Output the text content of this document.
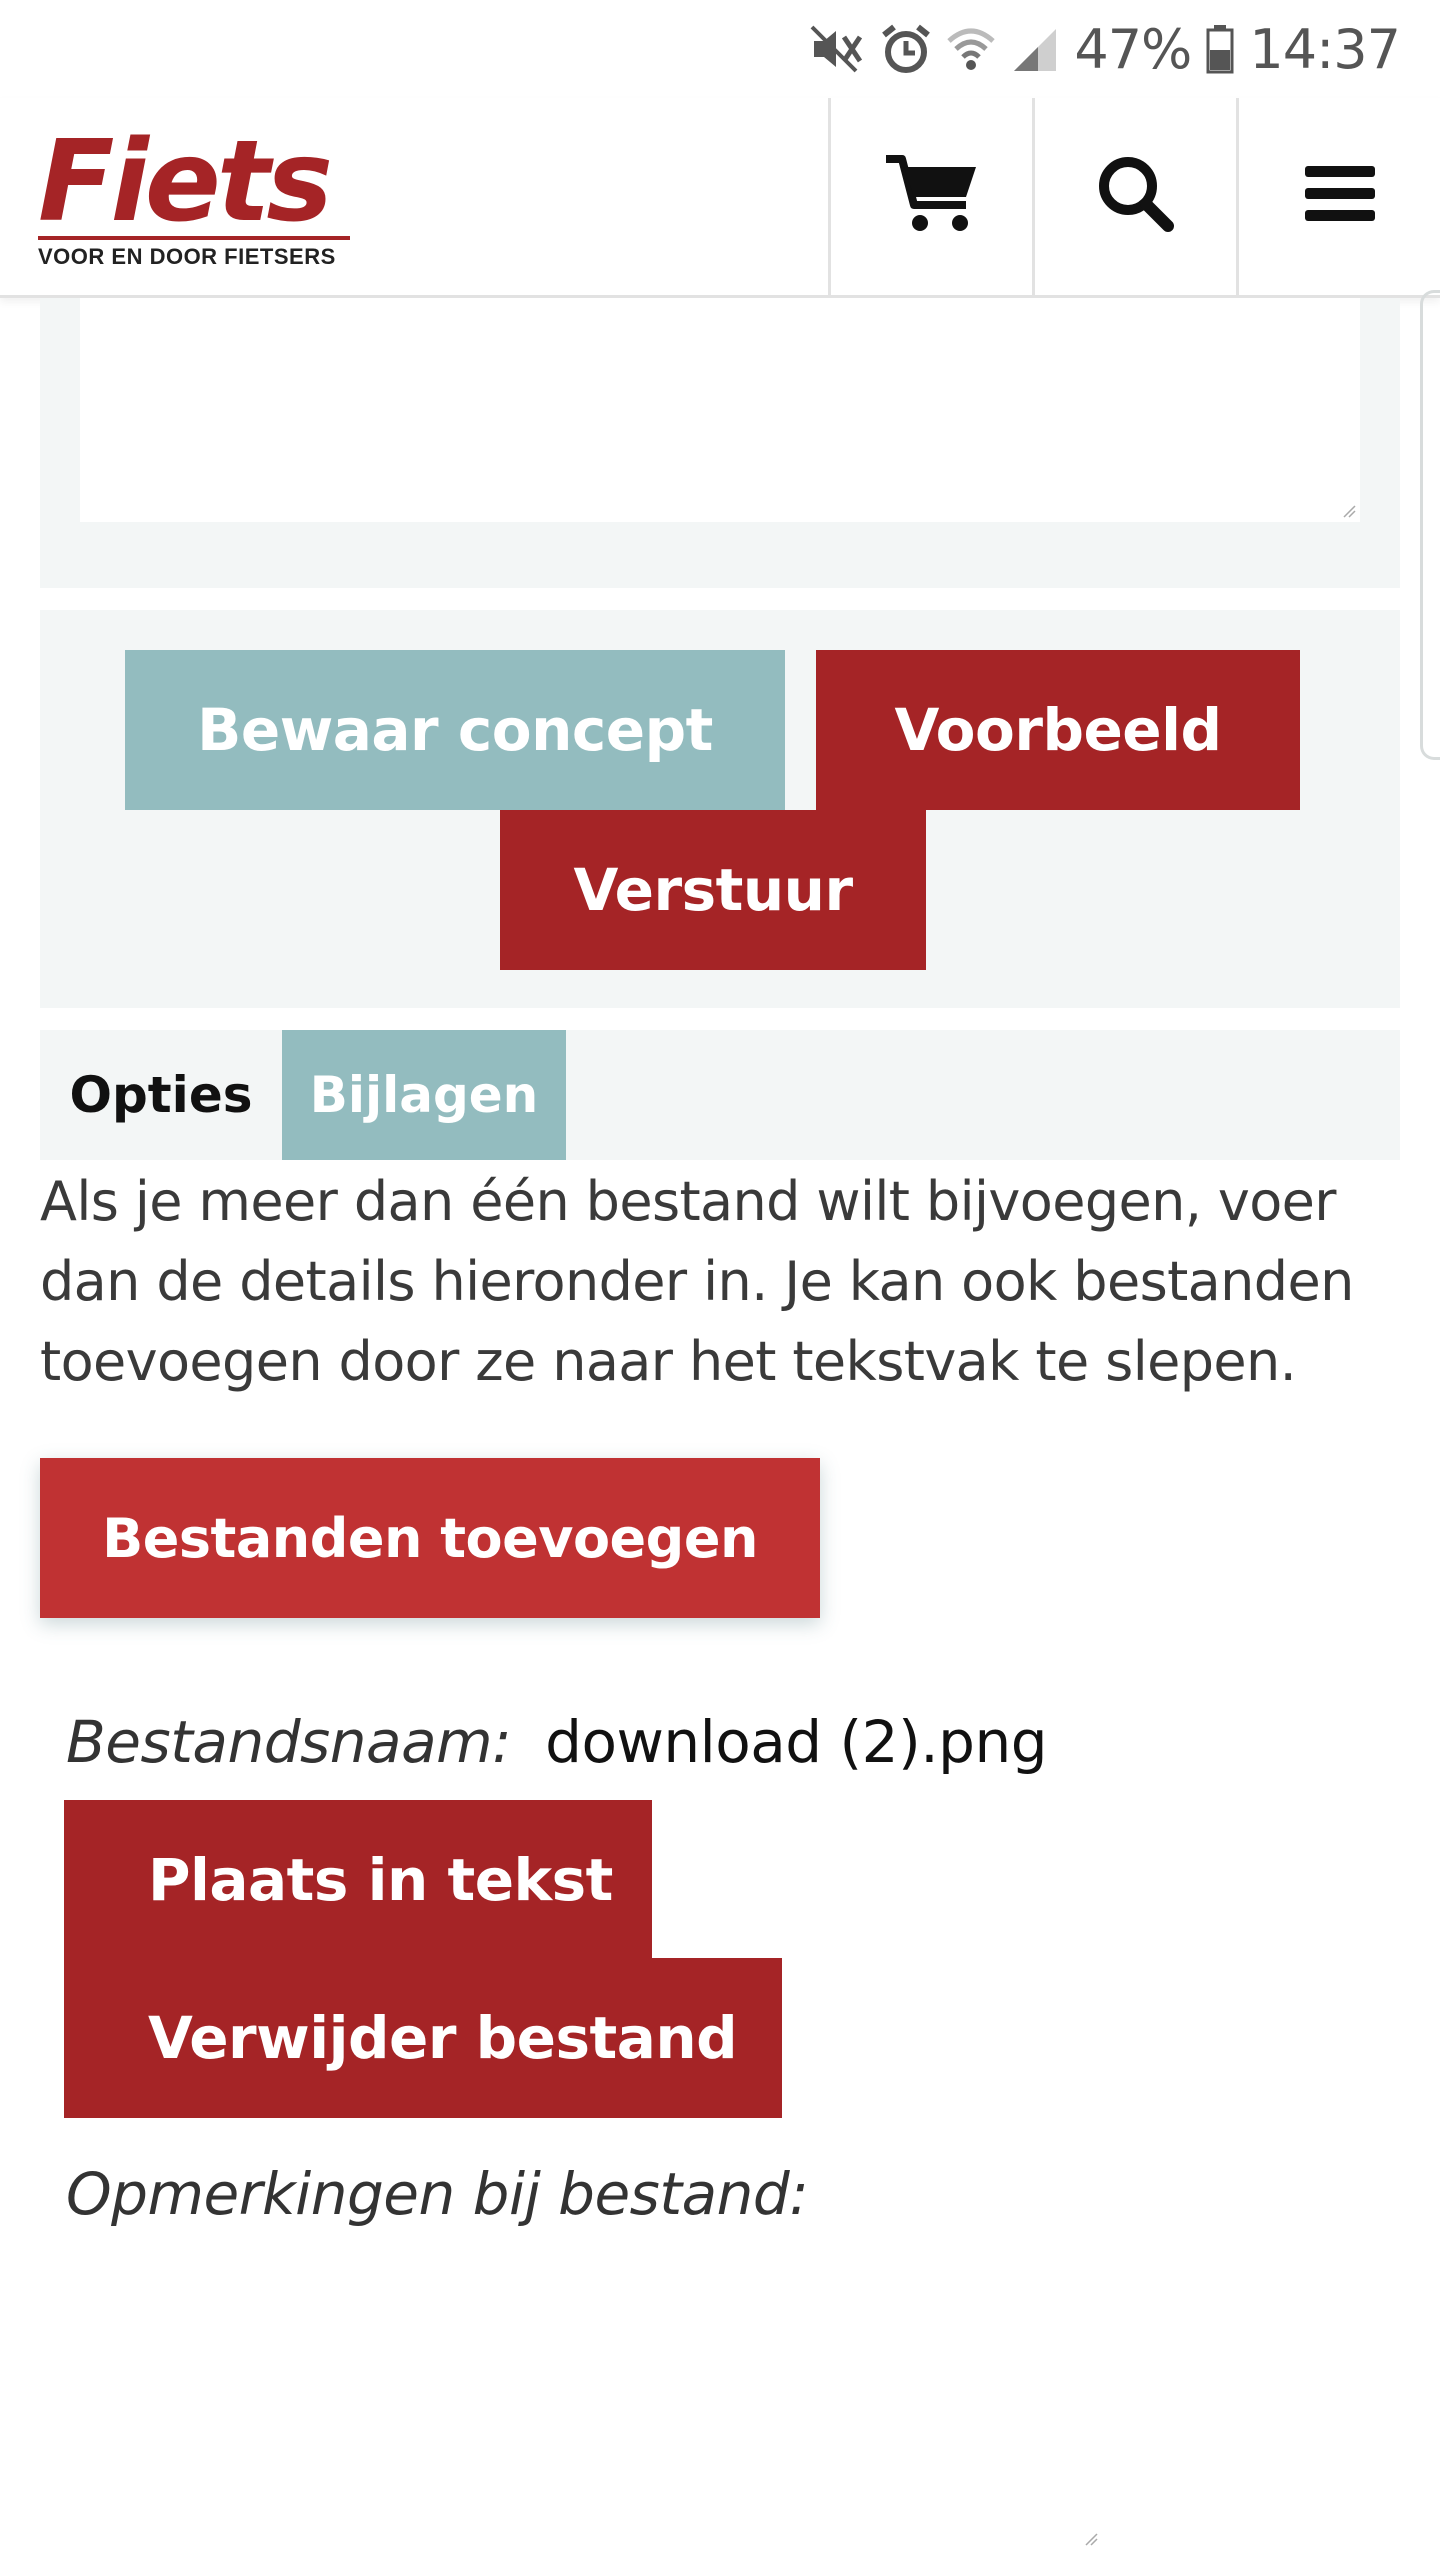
47% 14:37
Fiets
VOOR EN DOOR FIETSERS
Bewaar concept	Voorbeeld
Verstuur
Opties	Bijlagen

Als je meer dan één bestand wilt bijvoegen, voer dan de details hieronder in. Je kan ook bestanden toevoegen door ze naar het tekstvak te slepen.

Bestanden toevoegen
Bestandsnaam: download (2).png
Plaats in tekst
Verwijder bestand
Opmerkingen bij bestand:
